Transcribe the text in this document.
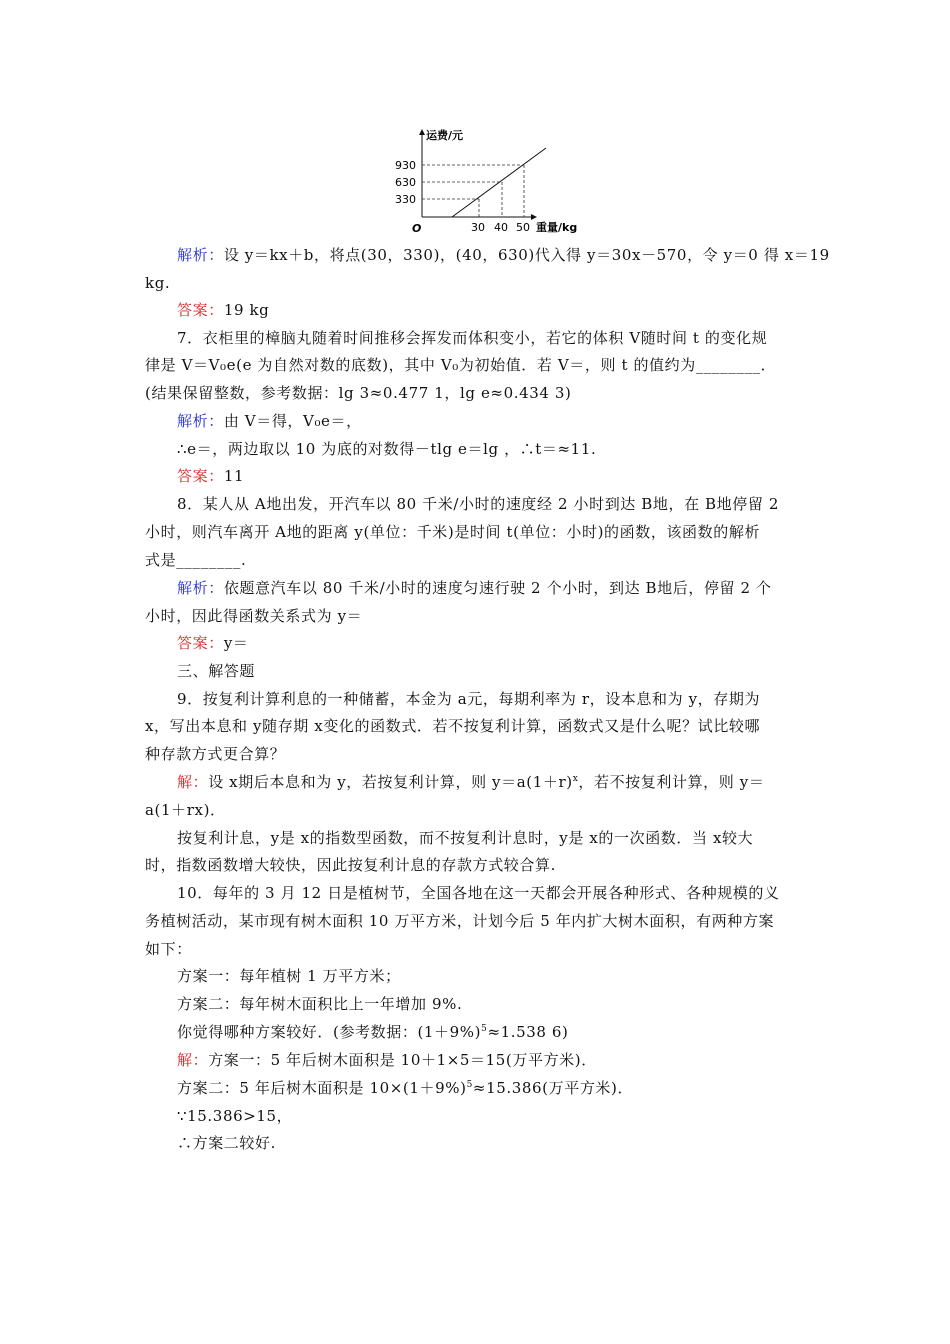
运费/元
重量/kg
O
930
630
330
30 40 50
解析：设 y＝kx＋b，将点(30，330)，(40，630)代入得 y＝30x－570，令 y＝0 得 x＝19
kg.
答案：19 kg
7．衣柜里的樟脑丸随着时间推移会挥发而体积变小，若它的体积 V随时间 t 的变化规
律是 V＝V₀e(e 为自然对数的底数)，其中 V₀为初始值．若 V＝，则 t 的值约为________．
(结果保留整数，参考数据：lg 3≈0.477 1，lg e≈0.434 3)
解析：由 V＝得，V₀e＝，
∴e＝，两边取以 10 为底的对数得－tlg e＝lg ，∴t＝≈11.
答案：11
8．某人从 A地出发，开汽车以 80 千米/小时的速度经 2 小时到达 B地，在 B地停留 2
小时，则汽车离开 A地的距离 y(单位：千米)是时间 t(单位：小时)的函数，该函数的解析
式是________.
解析：依题意汽车以 80 千米/小时的速度匀速行驶 2 个小时，到达 B地后，停留 2 个
小时，因此得函数关系式为 y＝
答案：y＝
三、解答题
9．按复利计算利息的一种储蓄，本金为 a元，每期利率为 r，设本息和为 y，存期为
x，写出本息和 y随存期 x变化的函数式．若不按复利计算，函数式又是什么呢？试比较哪
种存款方式更合算？
解：设 x期后本息和为 y，若按复利计算，则 $y=a(1+r)^x$，若不按复利计算，则 y＝
a(1＋rx)．
按复利计息，y是 x的指数型函数，而不按复利计息时，y是 x的一次函数．当 x较大
时，指数函数增大较快，因此按复利计息的存款方式较合算.
10．每年的 3 月 12 日是植树节，全国各地在这一天都会开展各种形式、各种规模的义
务植树活动，某市现有树木面积 10 万平方米，计划今后 5 年内扩大树木面积，有两种方案
如下：
方案一：每年植树 1 万平方米；
方案二：每年树木面积比上一年增加 9%.
你觉得哪种方案较好．(参考数据：$(1+9\%)^5\approx 1.538$ 6)
解：方案一：5 年后树木面积是 10＋1×5＝15(万平方米)．
方案二：5 年后树木面积是 $10\times(1+9\%)^5\approx 15.386$(万平方米)．
∵15.386>15，
∴方案二较好.
